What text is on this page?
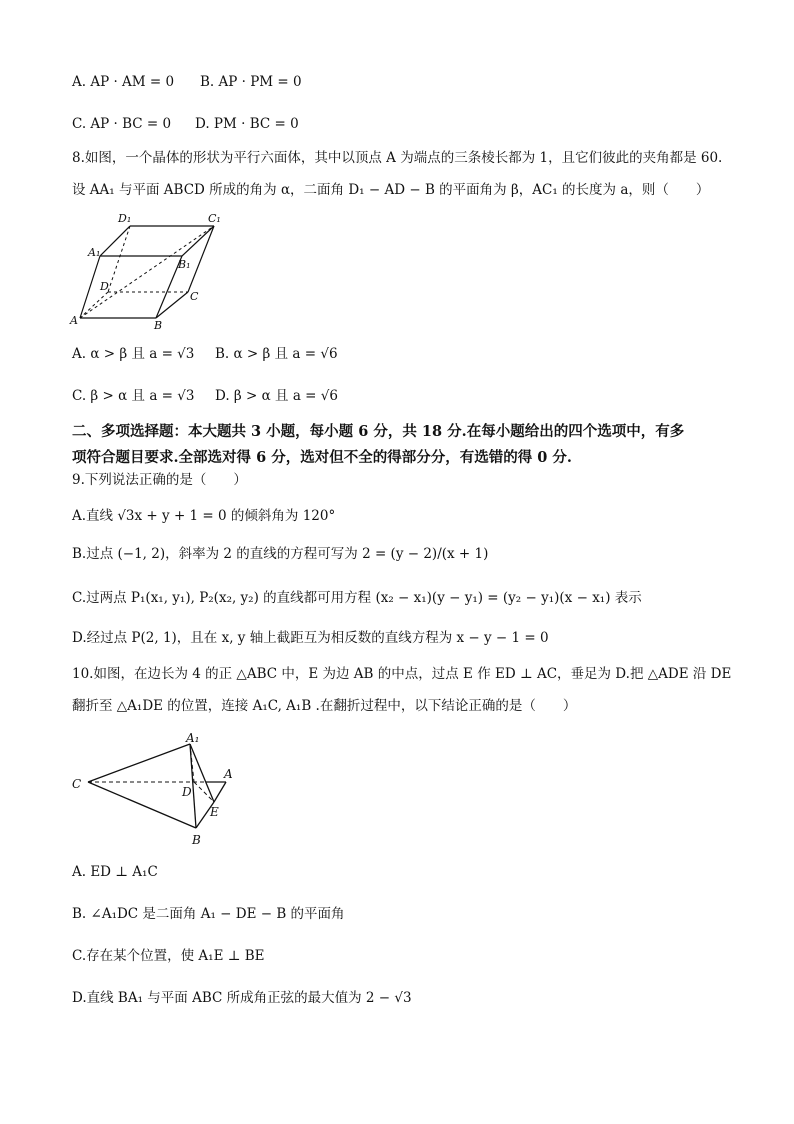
A. AP · AM = 0 B. AP · PM = 0
C. AP · BC = 0 D. PM · BC = 0
8.如图，一个晶体的形状为平行六面体，其中以顶点 A 为端点的三条棱长都为 1，且它们彼此的夹角都是 60.
设 AA₁ 与平面 ABCD 所成的角为 α，二面角 D₁ − AD − B 的平面角为 β，AC₁ 的长度为 a，则（　　）
D₁	C₁
A₁
B₁
D
C
A	B
A. α > β 且 a = √3 B. α > β 且 a = √6
C. β > α 且 a = √3 D. β > α 且 a = √6
二、多项选择题：本大题共 3 小题，每小题 6 分，共 18 分.在每小题给出的四个选项中，有多
项符合题目要求.全部选对得 6 分，选对但不全的得部分分，有选错的得 0 分.
9.下列说法正确的是（　　）
A.直线 √3x + y + 1 = 0 的倾斜角为 120°
B.过点 (−1, 2)，斜率为 2 的直线的方程可写为 2 = (y − 2)/(x + 1)
C.过两点 P₁(x₁, y₁), P₂(x₂, y₂) 的直线都可用方程 (x₂ − x₁)(y − y₁) = (y₂ − y₁)(x − x₁) 表示
D.经过点 P(2, 1)，且在 x, y 轴上截距互为相反数的直线方程为 x − y − 1 = 0
10.如图，在边长为 4 的正 △ABC 中，E 为边 AB 的中点，过点 E 作 ED ⊥ AC，垂足为 D.把 △ADE 沿 DE
翻折至 △A₁DE 的位置，连接 A₁C, A₁B .在翻折过程中，以下结论正确的是（　　）
A₁
A
C
D
E
B
A. ED ⊥ A₁C
B. ∠A₁DC 是二面角 A₁ − DE − B 的平面角
C.存在某个位置，使 A₁E ⊥ BE
D.直线 BA₁ 与平面 ABC 所成角正弦的最大值为 2 − √3
